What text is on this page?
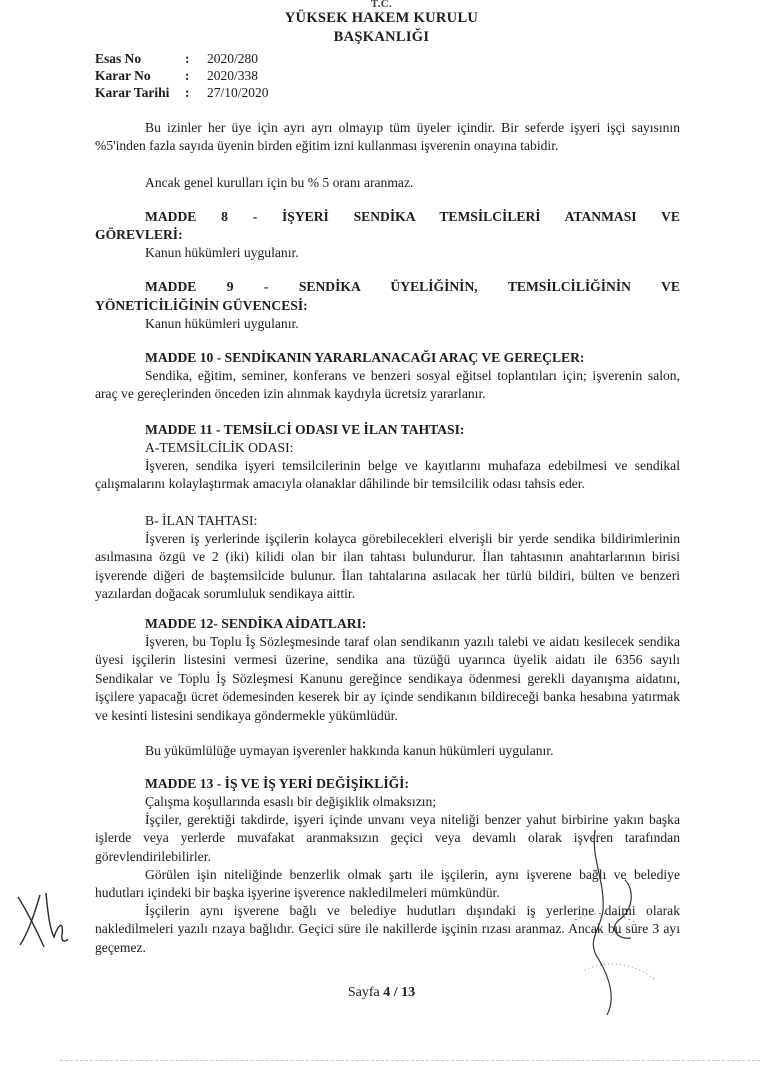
T.C.
YÜKSEK HAKEM KURULU
BAŞKANLIĞI
Esas No	: 2020/280
Karar No	: 2020/338
Karar Tarihi : 27/10/2020
Bu izinler her üye için ayrı ayrı olmayıp tüm üyeler içindir. Bir seferde işyeri işçi sayısının %5'inden fazla sayıda üyenin birden eğitim izni kullanması işverenin onayına tabidir.
Ancak genel kurulları için bu % 5 oranı aranmaz.
MADDE 8 - İŞYERİ SENDİKA TEMSİLCİLERİ ATANMASI VE
GÖREVLERİ:
Kanun hükümleri uygulanır.
MADDE 9 - SENDİKA ÜYELİĞİNİN, TEMSİLCİLİĞİNİN VE
YÖNETİCİLİĞİNİN GÜVENCESİ:
Kanun hükümleri uygulanır.
MADDE 10 - SENDİKANIN YARARLANACAĞI ARAÇ VE GEREÇLER:
Sendika, eğitim, seminer, konferans ve benzeri sosyal eğitsel toplantıları için; işverenin salon, araç ve gereçlerinden önceden izin alınmak kaydıyla ücretsiz yararlanır.
MADDE 11 - TEMSİLCİ ODASI VE İLAN TAHTASI:
A-TEMSİLCİLİK ODASI:
İşveren, sendika işyeri temsilcilerinin belge ve kayıtlarını muhafaza edebilmesi ve sendikal çalışmalarını kolaylaştırmak amacıyla olanaklar dâhilinde bir temsilcilik odası tahsis eder.
B- İLAN TAHTASI:
İşveren iş yerlerinde işçilerin kolayca görebilecekleri elverişli bir yerde sendika bildirimlerinin asılmasına özgü ve 2 (iki) kilidi olan bir ilan tahtası bulundurur. İlan tahtasının anahtarlarının birisi işverende diğeri de baştemsilcide bulunur. İlan tahtalarına asılacak her türlü bildiri, bülten ve benzeri yazılardan doğacak sorumluluk sendikaya aittir.
MADDE 12- SENDİKA AİDATLARI:
İşveren, bu Toplu İş Sözleşmesinde taraf olan sendikanın yazılı talebi ve aidatı kesilecek sendika üyesi işçilerin listesini vermesi üzerine, sendika ana tüzüğü uyarınca üyelik aidatı ile 6356 sayılı Sendikalar ve Toplu İş Sözleşmesi Kanunu gereğince sendikaya ödenmesi gerekli dayanışma aidatını, işçilere yapacağı ücret ödemesinden keserek bir ay içinde sendikanın bildireceği banka hesabına yatırmak ve kesinti listesini sendikaya göndermekle yükümlüdür.
Bu yükümlülüğe uymayan işverenler hakkında kanun hükümleri uygulanır.
MADDE 13 - İŞ VE İŞ YERİ DEĞİŞİKLİĞİ:
Çalışma koşullarında esaslı bir değişiklik olmaksızın;
İşçiler, gerektiği takdirde, işyeri içinde unvanı veya niteliği benzer yahut birbirine yakın başka işlerde veya yerlerde muvafakat aranmaksızın geçici veya devamlı olarak işveren tarafından görevlendirilebilirler.
Görülen işin niteliğinde benzerlik olmak şartı ile işçilerin, aynı işverene bağlı ve belediye hudutları içindeki bir başka işyerine işverence nakledilmeleri mümkündür.
İşçilerin aynı işverene bağlı ve belediye hudutları dışındaki iş yerlerine daimi olarak nakledilmeleri yazılı rızaya bağlıdır. Geçici süre ile nakillerde işçinin rızası aranmaz. Ancak bu süre 3 ayı geçemez.
Sayfa 4 / 13
